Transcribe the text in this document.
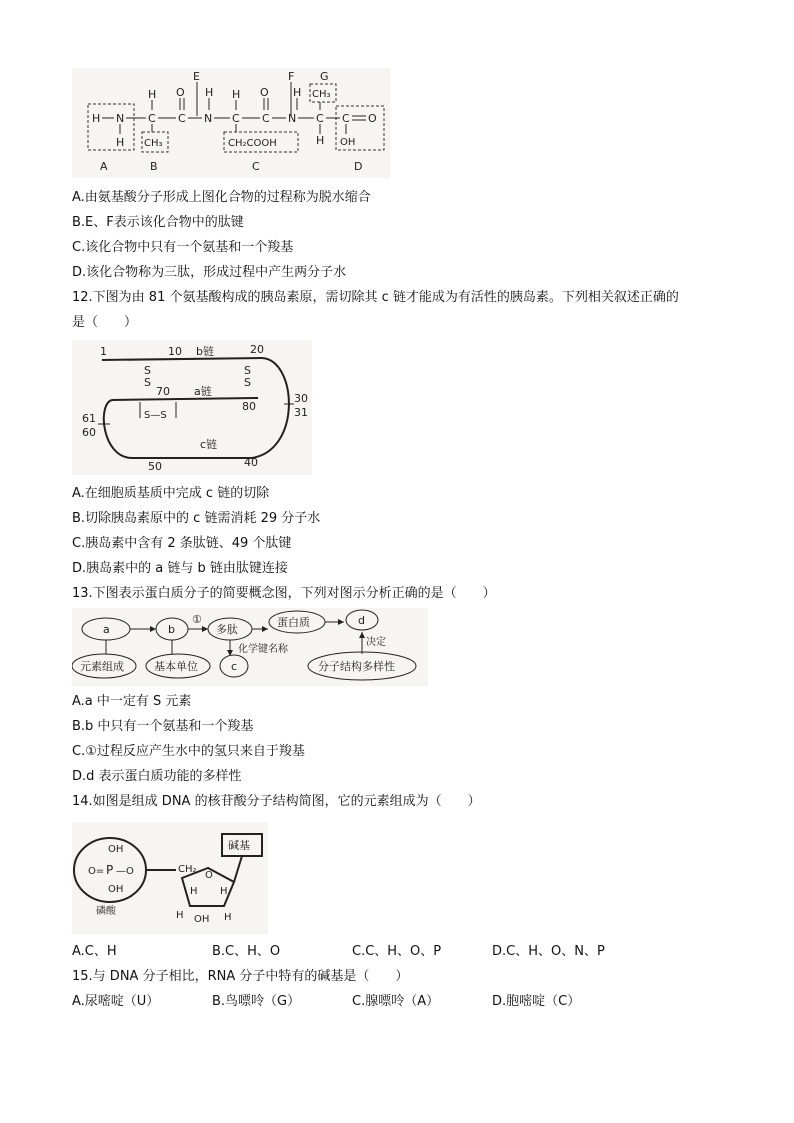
E	F G
H N
H
C
H
CH₃
C
O
N
H
C
H
CH₂COOH
C
O
N
H
C
CH₃
H
C O
OH
A	B	C	D
A.由氨基酸分子形成上图化合物的过程称为脱水缩合
B.E、F表示该化合物中的肽键
C.该化合物中只有一个氨基和一个羧基
D.该化合物称为三肽，形成过程中产生两分子水
12.下图为由 81 个氨基酸构成的胰岛素原，需切除其 c 链才能成为有活性的胰岛素。下列相关叙述正确的
是（　　）
1	10 b链	20
S
S
S
S
70 a链
80
S—S
30
31
61
60
c链
50	40
A.在细胞质基质中完成 c 链的切除
B.切除胰岛素原中的 c 链需消耗 29 分子水
C.胰岛素中含有 2 条肽链、49 个肽键
D.胰岛素中的 a 链与 b 链由肽键连接
13.下图表示蛋白质分子的简要概念图，下列对图示分析正确的是（　　）
a	b
①
多肽
蛋白质	d
决定
化学键名称
c
元素组成	基本单位	分子结构多样性
A.a 中一定有 S 元素
B.b 中只有一个氨基和一个羧基
C.①过程反应产生水中的氢只来自于羧基
D.d 表示蛋白质功能的多样性
14.如图是组成 DNA 的核苷酸分子结构简图，它的元素组成为（　　）
OH
O= P —O
OH
磷酸
CH₂
碱基
O
H H
H OH H
A.C、H	B.C、H、O	C.C、H、O、P	D.C、H、O、N、P
15.与 DNA 分子相比，RNA 分子中特有的碱基是（　　）
A.尿嘧啶（U）	B.鸟嘌呤（G）	C.腺嘌呤（A）	D.胞嘧啶（C）
